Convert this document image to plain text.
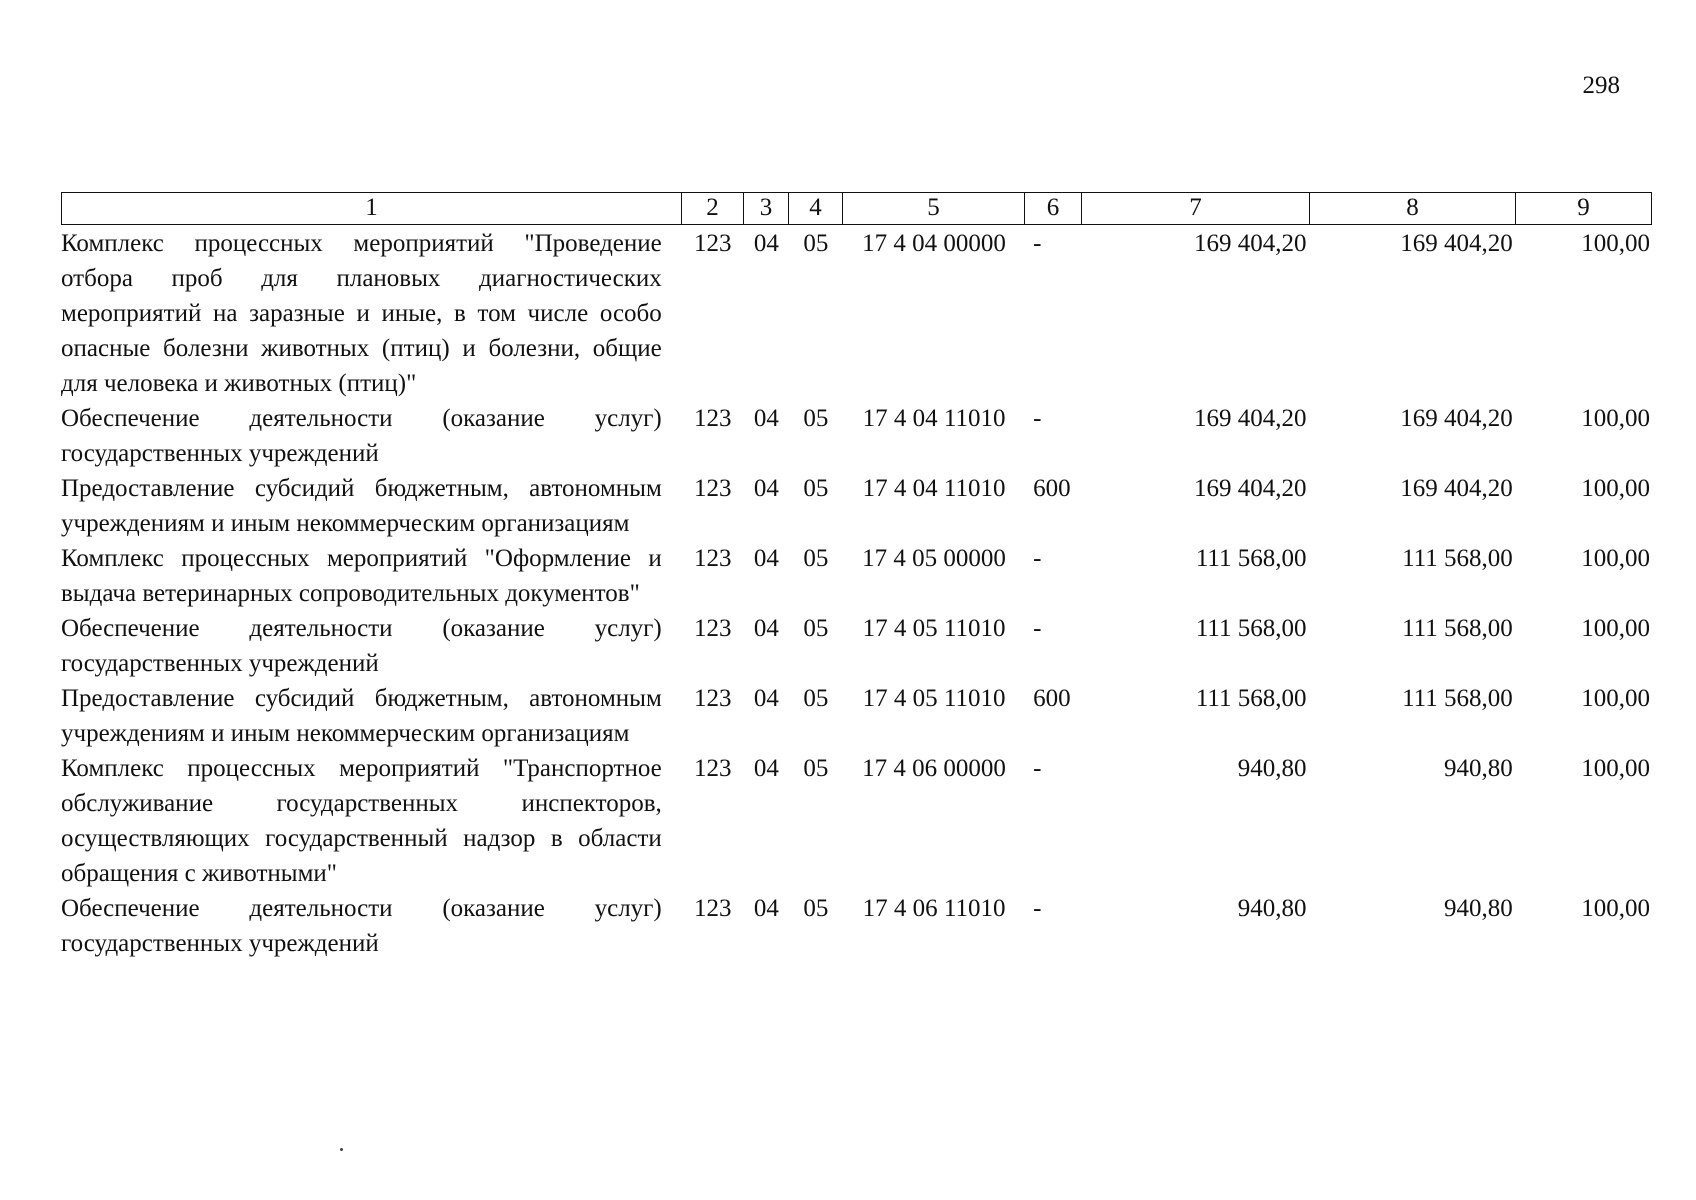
298
1	2	3	4	5	6	7	8	9
Комплекс процессных мероприятий "Проведение отбора проб для плановых диагностических мероприятий на заразные и иные, в том числе особо опасные болезни животных (птиц) и болезни, общие для человека и животных (птиц)"	123	04	05	17 4 04 00000	-	169 404,20	169 404,20	100,00
Обеспечение деятельности (оказание услуг) государственных учреждений	123	04	05	17 4 04 11010	-	169 404,20	169 404,20	100,00
Предоставление субсидий бюджетным, автономным учреждениям и иным некоммерческим организациям	123	04	05	17 4 04 11010	600	169 404,20	169 404,20	100,00
Комплекс процессных мероприятий "Оформление и выдача ветеринарных сопроводительных документов"	123	04	05	17 4 05 00000	-	111 568,00	111 568,00	100,00
Обеспечение деятельности (оказание услуг) государственных учреждений	123	04	05	17 4 05 11010	-	111 568,00	111 568,00	100,00
Предоставление субсидий бюджетным, автономным учреждениям и иным некоммерческим организациям	123	04	05	17 4 05 11010	600	111 568,00	111 568,00	100,00
Комплекс процессных мероприятий "Транспортное обслуживание государственных инспекторов, осуществляющих государственный надзор в области обращения с животными"	123	04	05	17 4 06 00000	-	940,80	940,80	100,00
Обеспечение деятельности (оказание услуг) государственных учреждений	123	04	05	17 4 06 11010	-	940,80	940,80	100,00
